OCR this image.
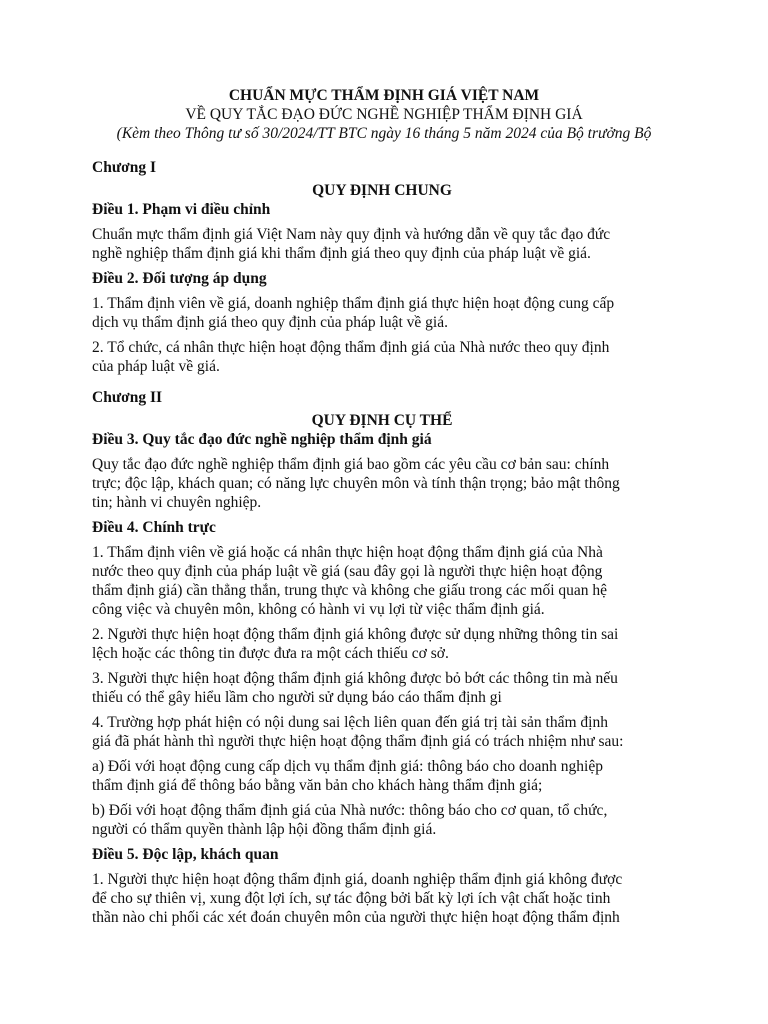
CHUẨN MỰC THẨM ĐỊNH GIÁ VIỆT NAM
VỀ QUY TẮC ĐẠO ĐỨC NGHỀ NGHIỆP THẨM ĐỊNH GIÁ
(Kèm theo Thông tư số 30/2024/TT BTC ngày 16 tháng 5 năm 2024 của Bộ trưởng Bộ
Chương I
QUY ĐỊNH CHUNG
Điều 1. Phạm vi điều chỉnh
Chuẩn mực thẩm định giá Việt Nam này quy định và hướng dẫn về quy tắc đạo đức
nghề nghiệp thẩm định giá khi thẩm định giá theo quy định của pháp luật về giá.
Điều 2. Đối tượng áp dụng
1. Thẩm định viên về giá, doanh nghiệp thẩm định giá thực hiện hoạt động cung cấp
dịch vụ thẩm định giá theo quy định của pháp luật về giá.
2. Tổ chức, cá nhân thực hiện hoạt động thẩm định giá của Nhà nước theo quy định
của pháp luật về giá.
Chương II
QUY ĐỊNH CỤ THỂ
Điều 3. Quy tắc đạo đức nghề nghiệp thẩm định giá
Quy tắc đạo đức nghề nghiệp thẩm định giá bao gồm các yêu cầu cơ bản sau: chính
trực; độc lập, khách quan; có năng lực chuyên môn và tính thận trọng; bảo mật thông
tin; hành vi chuyên nghiệp.
Điều 4. Chính trực
1. Thẩm định viên về giá hoặc cá nhân thực hiện hoạt động thẩm định giá của Nhà
nước theo quy định của pháp luật về giá (sau đây gọi là người thực hiện hoạt động
thẩm định giá) cần thẳng thắn, trung thực và không che giấu trong các mối quan hệ
công việc và chuyên môn, không có hành vi vụ lợi từ việc thẩm định giá.
2. Người thực hiện hoạt động thẩm định giá không được sử dụng những thông tin sai
lệch hoặc các thông tin được đưa ra một cách thiếu cơ sở.
3. Người thực hiện hoạt động thẩm định giá không được bỏ bớt các thông tin mà nếu
thiếu có thể gây hiểu lầm cho người sử dụng báo cáo thẩm định gi
4. Trường hợp phát hiện có nội dung sai lệch liên quan đến giá trị tài sản thẩm định
giá đã phát hành thì người thực hiện hoạt động thẩm định giá có trách nhiệm như sau:
a) Đối với hoạt động cung cấp dịch vụ thẩm định giá: thông báo cho doanh nghiệp
thẩm định giá để thông báo bằng văn bản cho khách hàng thẩm định giá;
b) Đối với hoạt động thẩm định giá của Nhà nước: thông báo cho cơ quan, tổ chức,
người có thẩm quyền thành lập hội đồng thẩm định giá.
Điều 5. Độc lập, khách quan
1. Người thực hiện hoạt động thẩm định giá, doanh nghiệp thẩm định giá không được
để cho sự thiên vị, xung đột lợi ích, sự tác động bởi bất kỳ lợi ích vật chất hoặc tinh
thần nào chi phối các xét đoán chuyên môn của người thực hiện hoạt động thẩm định
